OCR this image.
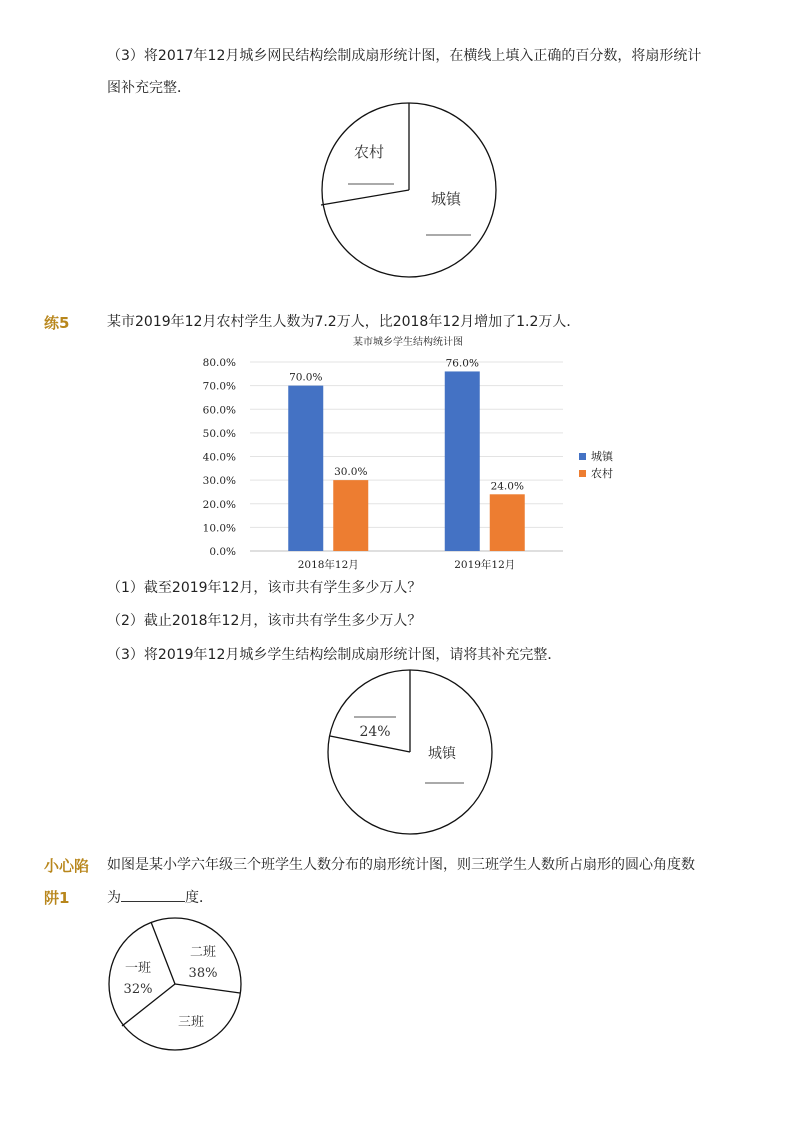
（3）将2017年12月城乡网民结构绘制成扇形统计图，在横线上填入正确的百分数，将扇形统计
图补充完整．
农村
城镇
练5	某市2019年12月农村学生人数为7.2万人，比2018年12月增加了1.2万人．
某市城乡学生结构统计图
70.0%
30.0%
76.0%
24.0%
0.0%
10.0%
20.0%
30.0%
40.0%
50.0%
60.0%
70.0%
80.0%
2018年12月	2019年12月
城镇
农村
（1）截至2019年12月，该市共有学生多少万人？
（2）截止2018年12月，该市共有学生多少万人？
（3）将2019年12月城乡学生结构绘制成扇形统计图，请将其补充完整．
24%
城镇
小心陷
阱1
如图是某小学六年级三个班学生人数分布的扇形统计图，则三班学生人数所占扇形的圆心角度数
为	度．
一班
32%
二班
38%
三班
